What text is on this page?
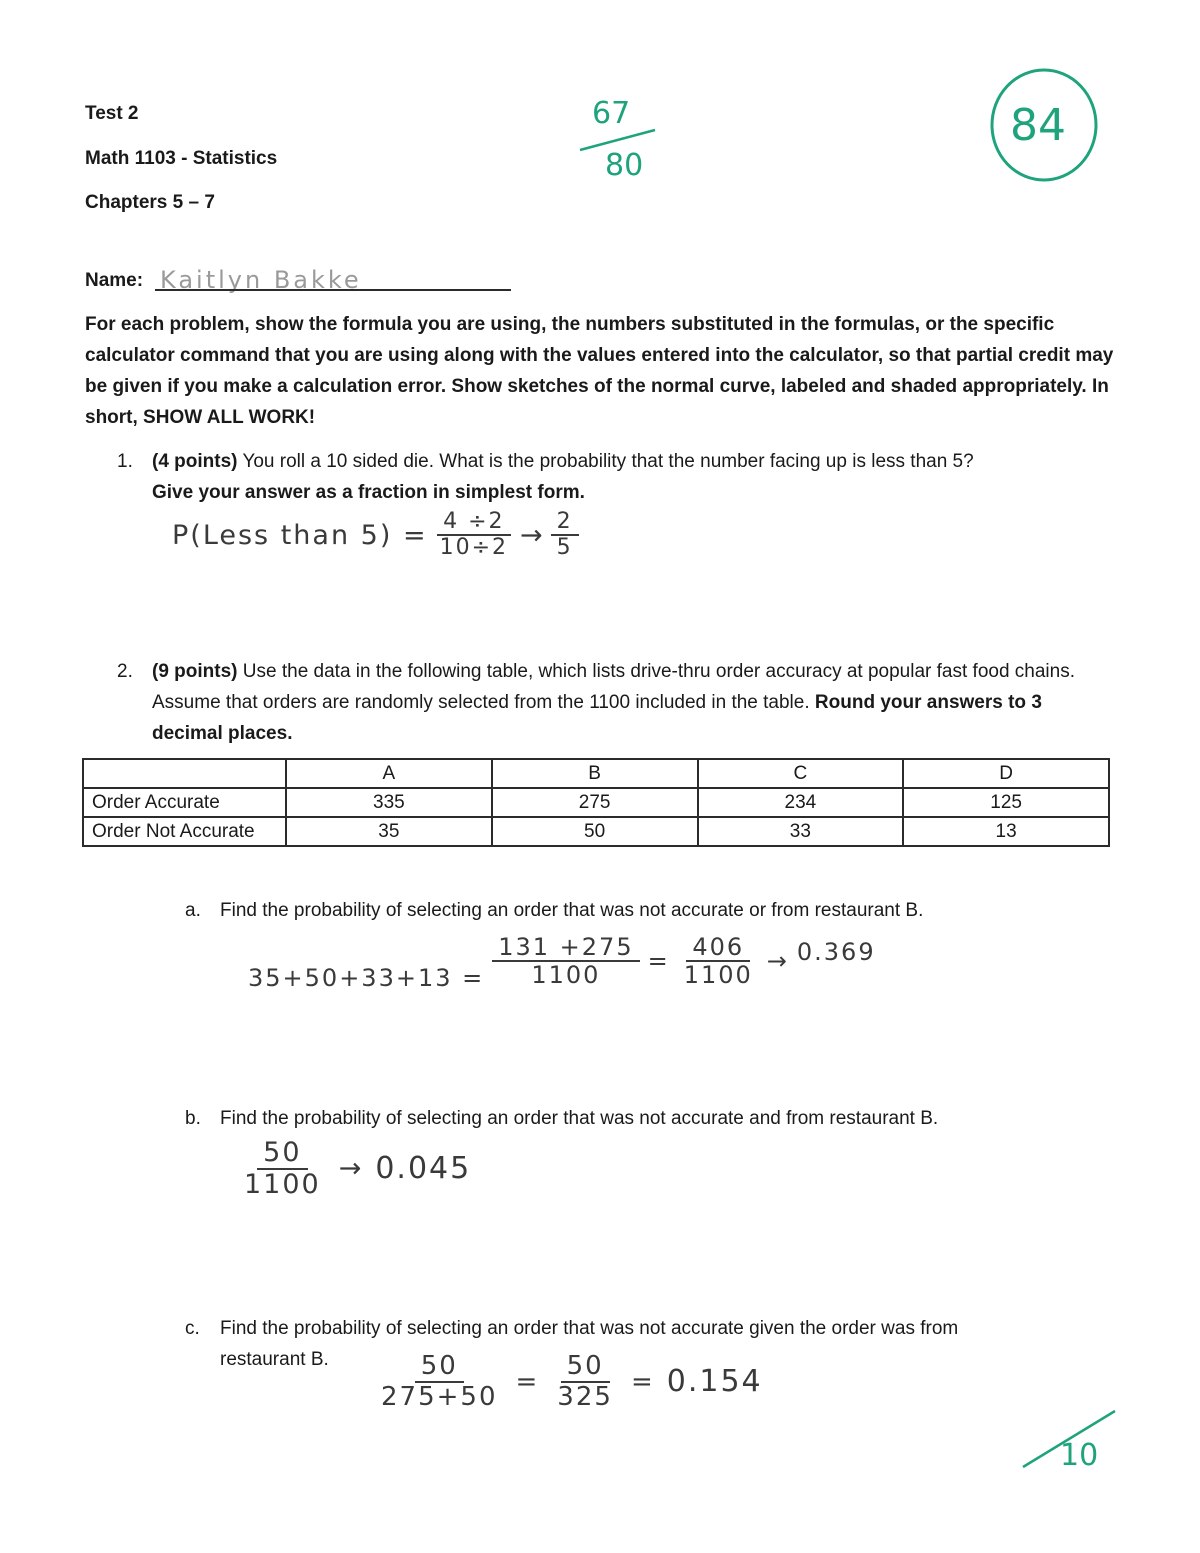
Test 2
Math 1103 - Statistics
Chapters 5 – 7
67
80
84
10
Name: Kaitlyn Bakke
For each problem, show the formula you are using, the numbers substituted in the formulas, or the specific calculator command that you are using along with the values entered into the calculator, so that partial credit may be given if you make a calculation error. Show sketches of the normal curve, labeled and shaded appropriately. In short, SHOW ALL WORK!
1. (4 points) You roll a 10 sided die. What is the probability that the number facing up is less than 5?
Give your answer as a fraction in simplest form.
P(Less than $5) = \frac{4 \div 2}{10\div 2} \to \frac{2}{5}$
2. (9 points) Use the data in the following table, which lists drive-thru order accuracy at popular fast food chains. Assume that orders are randomly selected from the 1100 included in the table. Round your answers to 3 decimal places.
	A	B	C	D
Order Accurate	335	275	234	125
Order Not Accurate	35	50	33	13
a. Find the probability of selecting an order that was not accurate or from restaurant B.
$35+50+33+13 = \frac{131 +275}{1100} = \frac{406}{1100} \to 0.369$
b. Find the probability of selecting an order that was not accurate and from restaurant B.
$\frac{50}{1100} \to 0.045$
c. Find the probability of selecting an order that was not accurate given the order was from
restaurant B. $\frac{50}{275+50} = \frac{50}{325} = 0.154$
